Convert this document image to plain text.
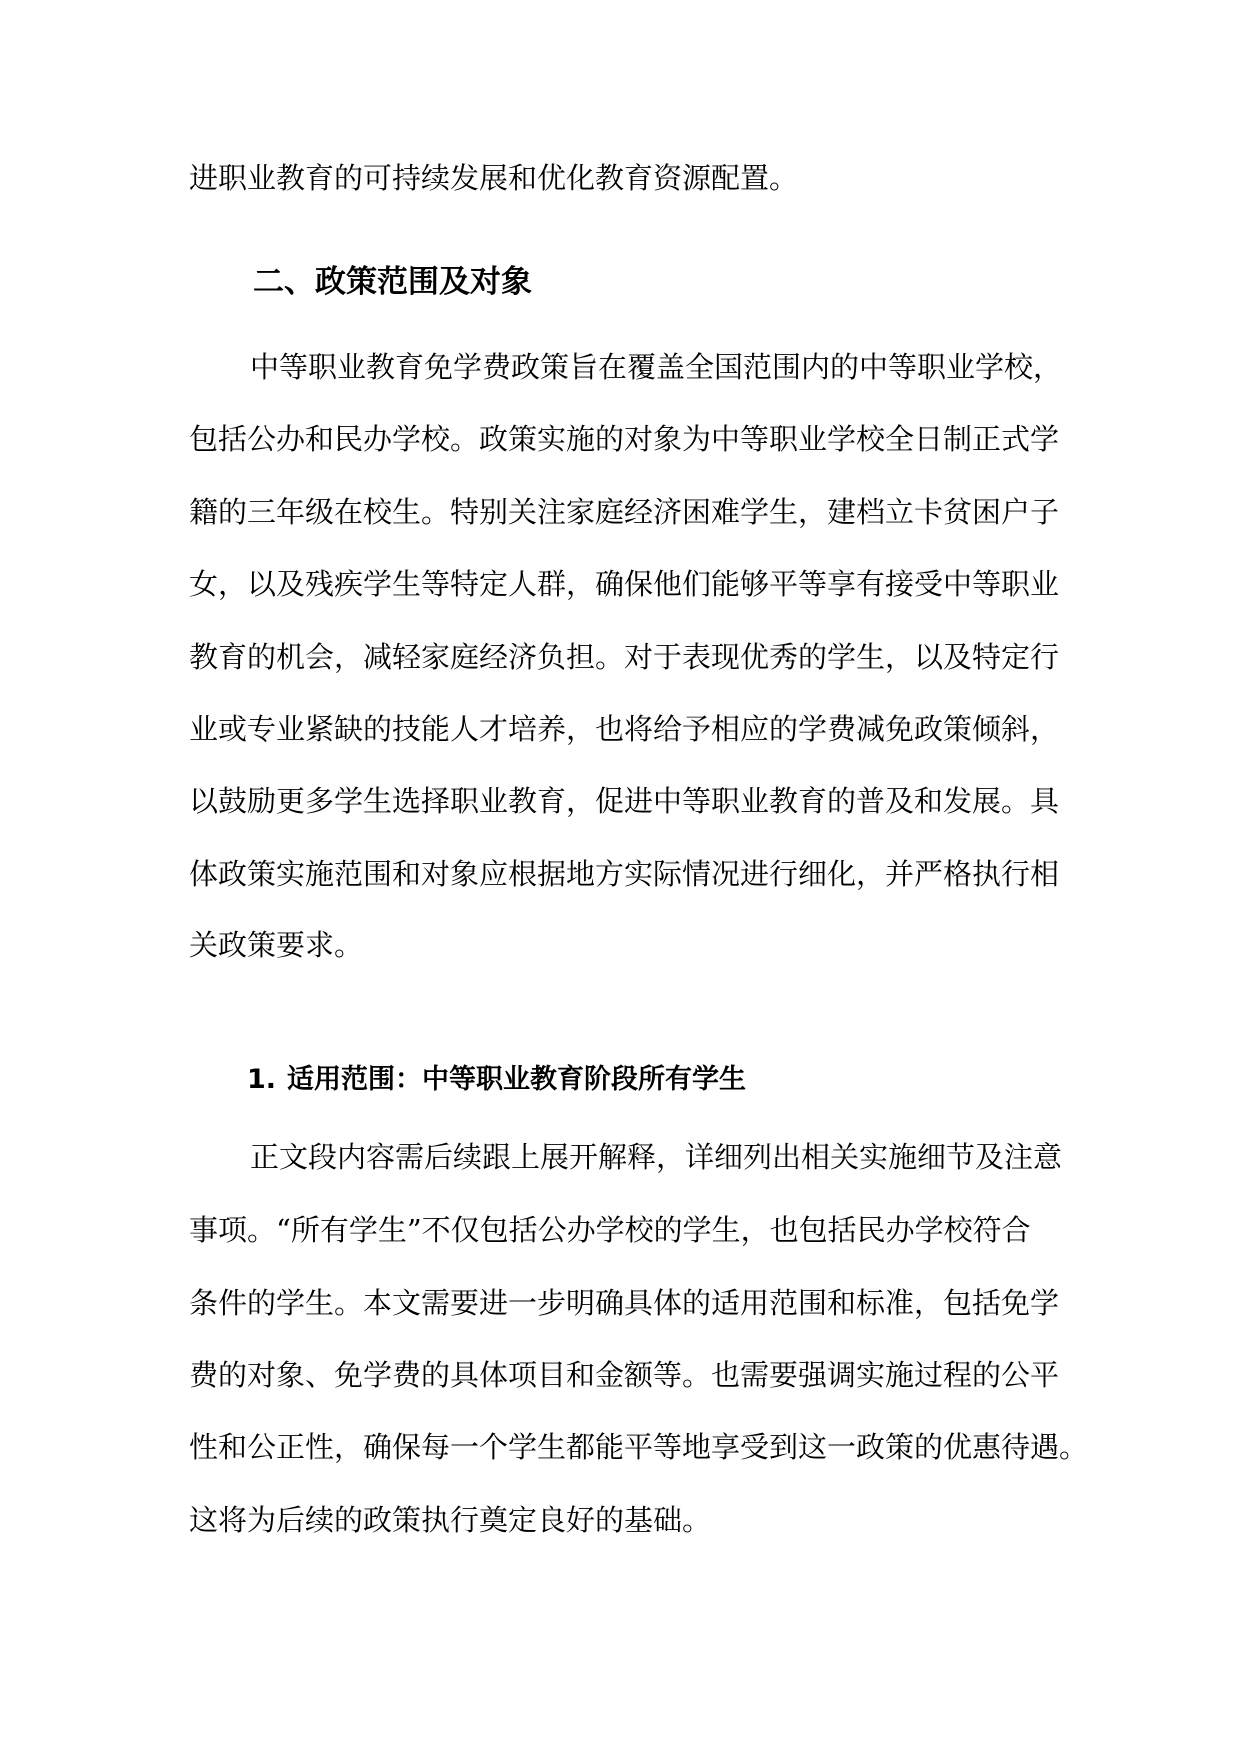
进职业教育的可持续发展和优化教育资源配置。
二、政策范围及对象
中等职业教育免学费政策旨在覆盖全国范围内的中等职业学校，
包括公办和民办学校。政策实施的对象为中等职业学校全日制正式学
籍的三年级在校生。特别关注家庭经济困难学生，建档立卡贫困户子
女，以及残疾学生等特定人群，确保他们能够平等享有接受中等职业
教育的机会，减轻家庭经济负担。对于表现优秀的学生，以及特定行
业或专业紧缺的技能人才培养，也将给予相应的学费减免政策倾斜，
以鼓励更多学生选择职业教育，促进中等职业教育的普及和发展。具
体政策实施范围和对象应根据地方实际情况进行细化，并严格执行相
关政策要求。
1. 适用范围：中等职业教育阶段所有学生
正文段内容需后续跟上展开解释，详细列出相关实施细节及注意
事项。“所有学生”不仅包括公办学校的学生，也包括民办学校符合
条件的学生。本文需要进一步明确具体的适用范围和标准，包括免学
费的对象、免学费的具体项目和金额等。也需要强调实施过程的公平
性和公正性，确保每一个学生都能平等地享受到这一政策的优惠待遇。
这将为后续的政策执行奠定良好的基础。
